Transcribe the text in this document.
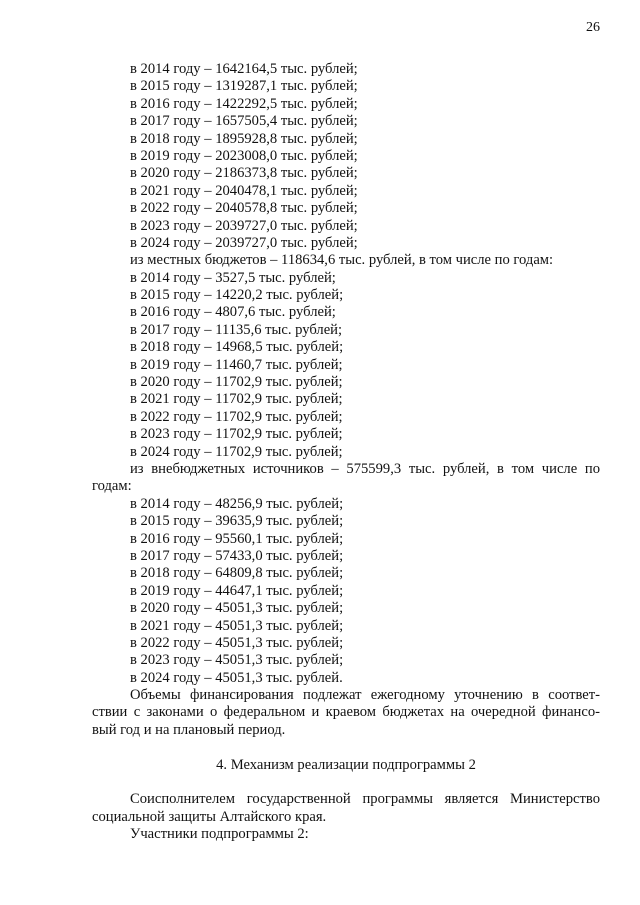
26
в 2014 году – 1642164,5 тыс. рублей;
в 2015 году – 1319287,1 тыс. рублей;
в 2016 году – 1422292,5 тыс. рублей;
в 2017 году – 1657505,4 тыс. рублей;
в 2018 году – 1895928,8 тыс. рублей;
в 2019 году – 2023008,0 тыс. рублей;
в 2020 году – 2186373,8 тыс. рублей;
в 2021 году – 2040478,1 тыс. рублей;
в 2022 году – 2040578,8 тыс. рублей;
в 2023 году – 2039727,0 тыс. рублей;
в 2024 году – 2039727,0 тыс. рублей;
из местных бюджетов – 118634,6 тыс. рублей, в том числе по годам:
в 2014 году – 3527,5 тыс. рублей;
в 2015 году – 14220,2 тыс. рублей;
в 2016 году – 4807,6 тыс. рублей;
в 2017 году – 11135,6 тыс. рублей;
в 2018 году – 14968,5 тыс. рублей;
в 2019 году – 11460,7 тыс. рублей;
в 2020 году – 11702,9 тыс. рублей;
в 2021 году – 11702,9 тыс. рублей;
в 2022 году – 11702,9 тыс. рублей;
в 2023 году – 11702,9 тыс. рублей;
в 2024 году – 11702,9 тыс. рублей;
из внебюджетных источников – 575599,3 тыс. рублей, в том числе по
годам:
в 2014 году – 48256,9 тыс. рублей;
в 2015 году – 39635,9 тыс. рублей;
в 2016 году – 95560,1 тыс. рублей;
в 2017 году – 57433,0 тыс. рублей;
в 2018 году – 64809,8 тыс. рублей;
в 2019 году – 44647,1 тыс. рублей;
в 2020 году – 45051,3 тыс. рублей;
в 2021 году – 45051,3 тыс. рублей;
в 2022 году – 45051,3 тыс. рублей;
в 2023 году – 45051,3 тыс. рублей;
в 2024 году – 45051,3 тыс. рублей.
Объемы финансирования подлежат ежегодному уточнению в соответ-
ствии с законами о федеральном и краевом бюджетах на очередной финансо-
вый год и на плановый период.
4. Механизм реализации подпрограммы 2
Соисполнителем государственной программы является Министерство
социальной защиты Алтайского края.
Участники подпрограммы 2:
